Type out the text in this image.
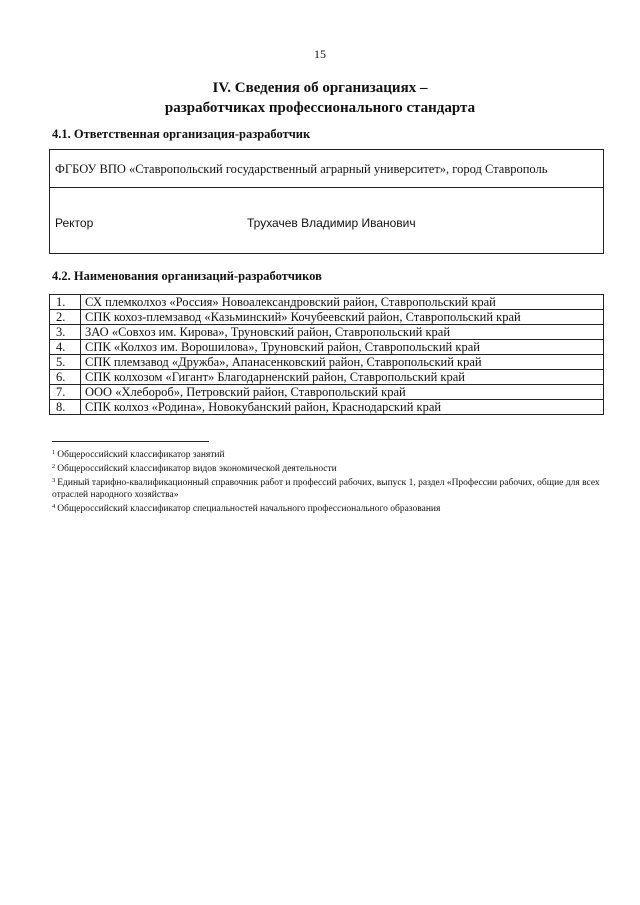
15
IV. Сведения об организациях –
разработчиках профессионального стандарта
4.1. Ответственная организация-разработчик
ФГБОУ ВПО «Ставропольский государственный аграрный университет», город Ставрополь
Ректор	Трухачев Владимир Иванович
4.2. Наименования организаций-разработчиков
1.	СХ племколхоз «Россия» Новоалександровский район, Ставропольский край
2.	СПК кохоз-племзавод «Казьминский» Кочубеевский район, Ставропольский край
3.	ЗАО «Совхоз им. Кирова», Труновский район, Ставропольский край
4.	СПК «Колхоз им. Ворошилова», Труновский район, Ставропольский край
5.	СПК племзавод «Дружба», Апанасенковский район, Ставропольский край
6.	СПК колхозом «Гигант» Благодарненский район, Ставропольский край
7.	ООО «Хлебороб», Петровский район, Ставропольский край
8.	СПК колхоз «Родина», Новокубанский район, Краснодарский край

$^1$ Общероссийский классификатор занятий

$^2$ Общероссийский классификатор видов экономической деятельности

$^3$ Единый тарифно-квалификационный справочник работ и профессий рабочих, выпуск 1, раздел «Профессии рабочих, общие для всех отраслей народного хозяйства»

$^4$ Общероссийский классификатор специальностей начального профессионального образования
